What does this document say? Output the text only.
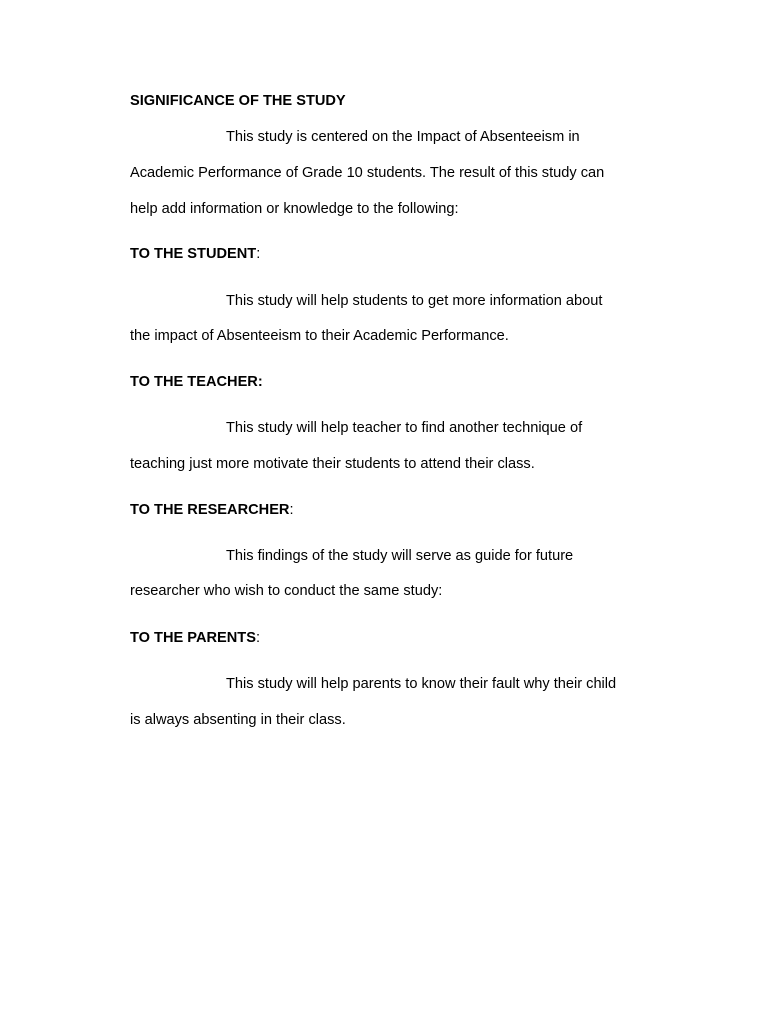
SIGNIFICANCE OF THE STUDY

This study is centered on the Impact of Absenteeism in

Academic Performance of Grade 10 students. The result of this study can

help add information or knowledge to the following:

TO THE STUDENT:

This study will help students to get more information about

the impact of Absenteeism to their Academic Performance.

TO THE TEACHER:

This study will help teacher to find another technique of

teaching just more motivate their students to attend their class.

TO THE RESEARCHER:

This findings of the study will serve as guide for future

researcher who wish to conduct the same study:

TO THE PARENTS:

This study will help parents to know their fault why their child

is always absenting in their class.
